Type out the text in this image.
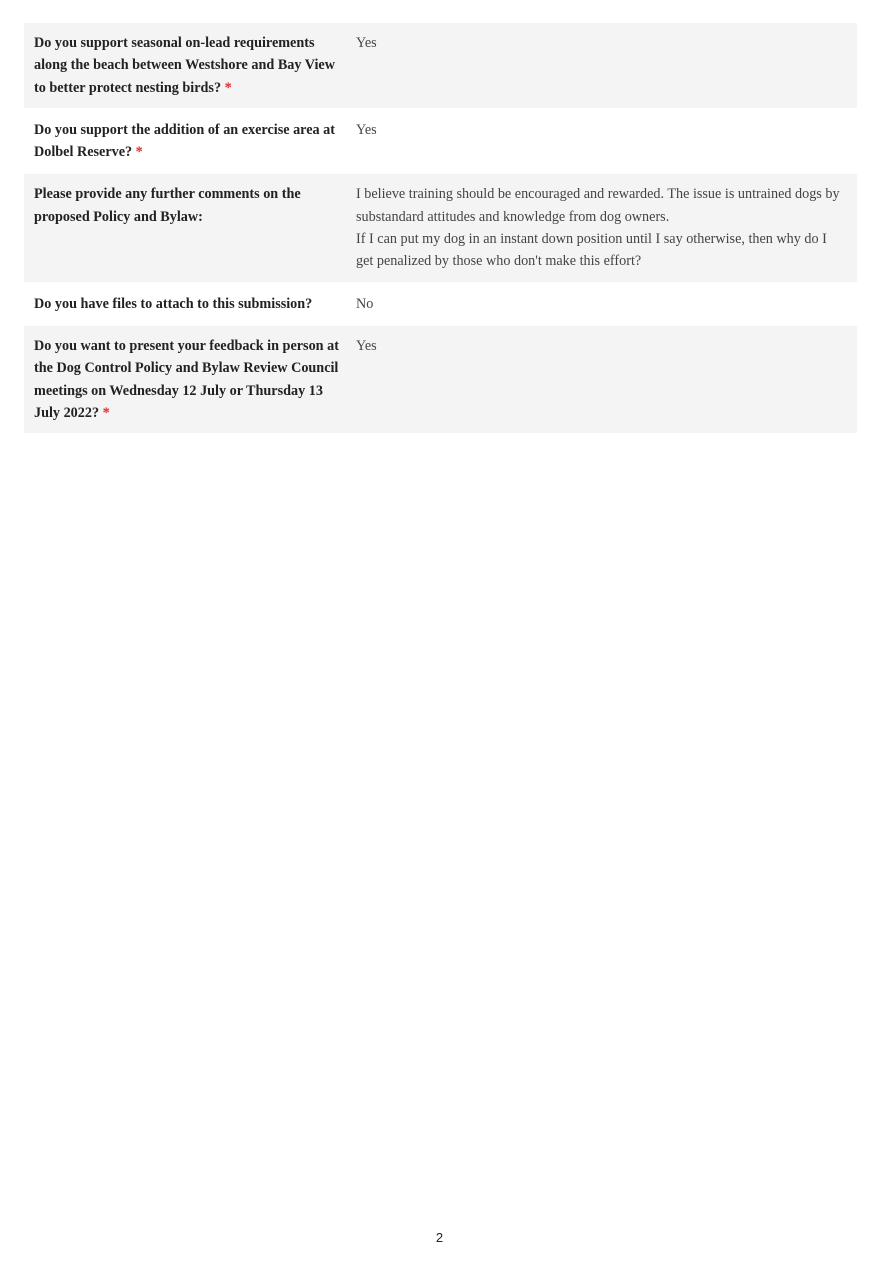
Do you support seasonal on-lead requirements along the beach between Westshore and Bay View to better protect nesting birds? *

Yes

Do you support the addition of an exercise area at Dolbel Reserve? *

Yes

Please provide any further comments on the proposed Policy and Bylaw:

I believe training should be encouraged and rewarded. The issue is untrained dogs by substandard attitudes and knowledge from dog owners.

If I can put my dog in an instant down position until I say otherwise, then why do I get penalized by those who don't make this effort?

Do you have files to attach to this submission?	No

Do you want to present your feedback in person at the Dog Control Policy and Bylaw Review Council meetings on Wednesday 12 July or Thursday 13 July 2022? *

Yes

2
